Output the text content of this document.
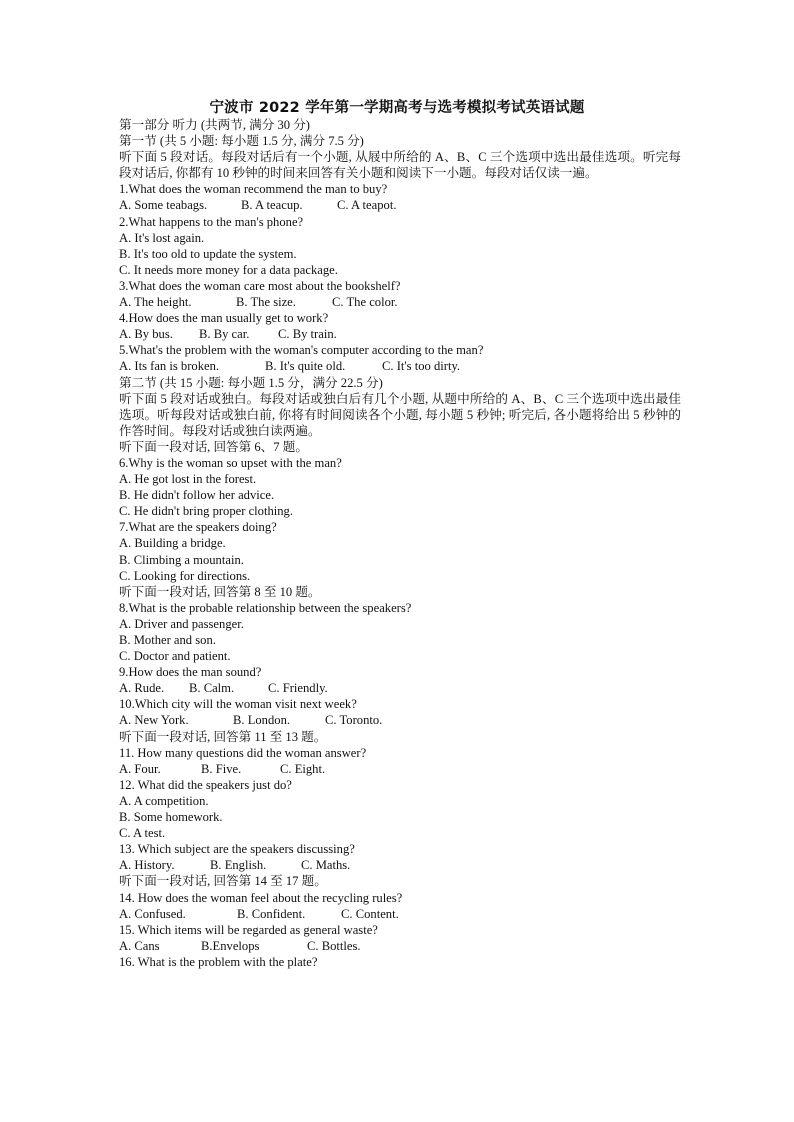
宁波市 2022 学年第一学期高考与选考模拟考试英语试题
第一部分 听力 (共两节, 满分 30 分)
第一节 (共 5 小题: 每小题 1.5 分, 满分 7.5 分)
听下面 5 段对话。每段对话后有一个小题, 从屐中所给的 A、B、C 三个选项中选出最佳选项。听完每段对话后, 你都有 10 秒钟的时间来回答有关小题和阅读下一小题。每段对话仅读一遍。
1.What does the woman recommend the man to buy?
A. Some teabags.	B. A teacup.	C. A teapot.
2.What happens to the man's phone?
A. It's lost again.
B. It's too old to update the system.
C. It needs more money for a data package.
3.What does the woman care most about the bookshelf?
A. The height.	B. The size.	C. The color.
4.How does the man usually get to work?
A. By bus.	B. By car.	C. By train.
5.What's the problem with the woman's computer according to the man?
A. Its fan is broken.	B. It's quite old.	C. It's too dirty.
第二节 (共 15 小题: 每小题 1.5 分，满分 22.5 分)
听下面 5 段对话或独白。每段对话或独白后有几个小题, 从题中所给的 A、B、C 三个选项中选出最佳选项。听每段对话或独白前, 你将有时间阅读各个小题, 每小题 5 秒钟; 听完后, 各小题将给出 5 秒钟的作答时间。每段对话或独白读两遍。
听下面一段对话, 回答第 6、7 题。
6.Why is the woman so upset with the man?
A. He got lost in the forest.
B. He didn't follow her advice.
C. He didn't bring proper clothing.
7.What are the speakers doing?
A. Building a bridge.
B. Climbing a mountain.
C. Looking for directions.
听下面一段对话, 回答第 8 至 10 题。
8.What is the probable relationship between the speakers?
A. Driver and passenger.
B. Mother and son.
C. Doctor and patient.
9.How does the man sound?
A. Rude.	B. Calm.	C. Friendly.
10.Which city will the woman visit next week?
A. New York.	B. London.	C. Toronto.
听下面一段对话, 回答第 11 至 13 题。
11. How many questions did the woman answer?
A. Four.	B. Five.	C. Eight.
12. What did the speakers just do?
A. A competition.
B. Some homework.
C. A test.
13. Which subject are the speakers discussing?
A. History.	B. English.	C. Maths.
听下面一段对话, 回答第 14 至 17 题。
14. How does the woman feel about the recycling rules?
A. Confused.	B. Confident.	C. Content.
15. Which items will be regarded as general waste?
A. Cans	B.Envelops	C. Bottles.
16. What is the problem with the plate?
